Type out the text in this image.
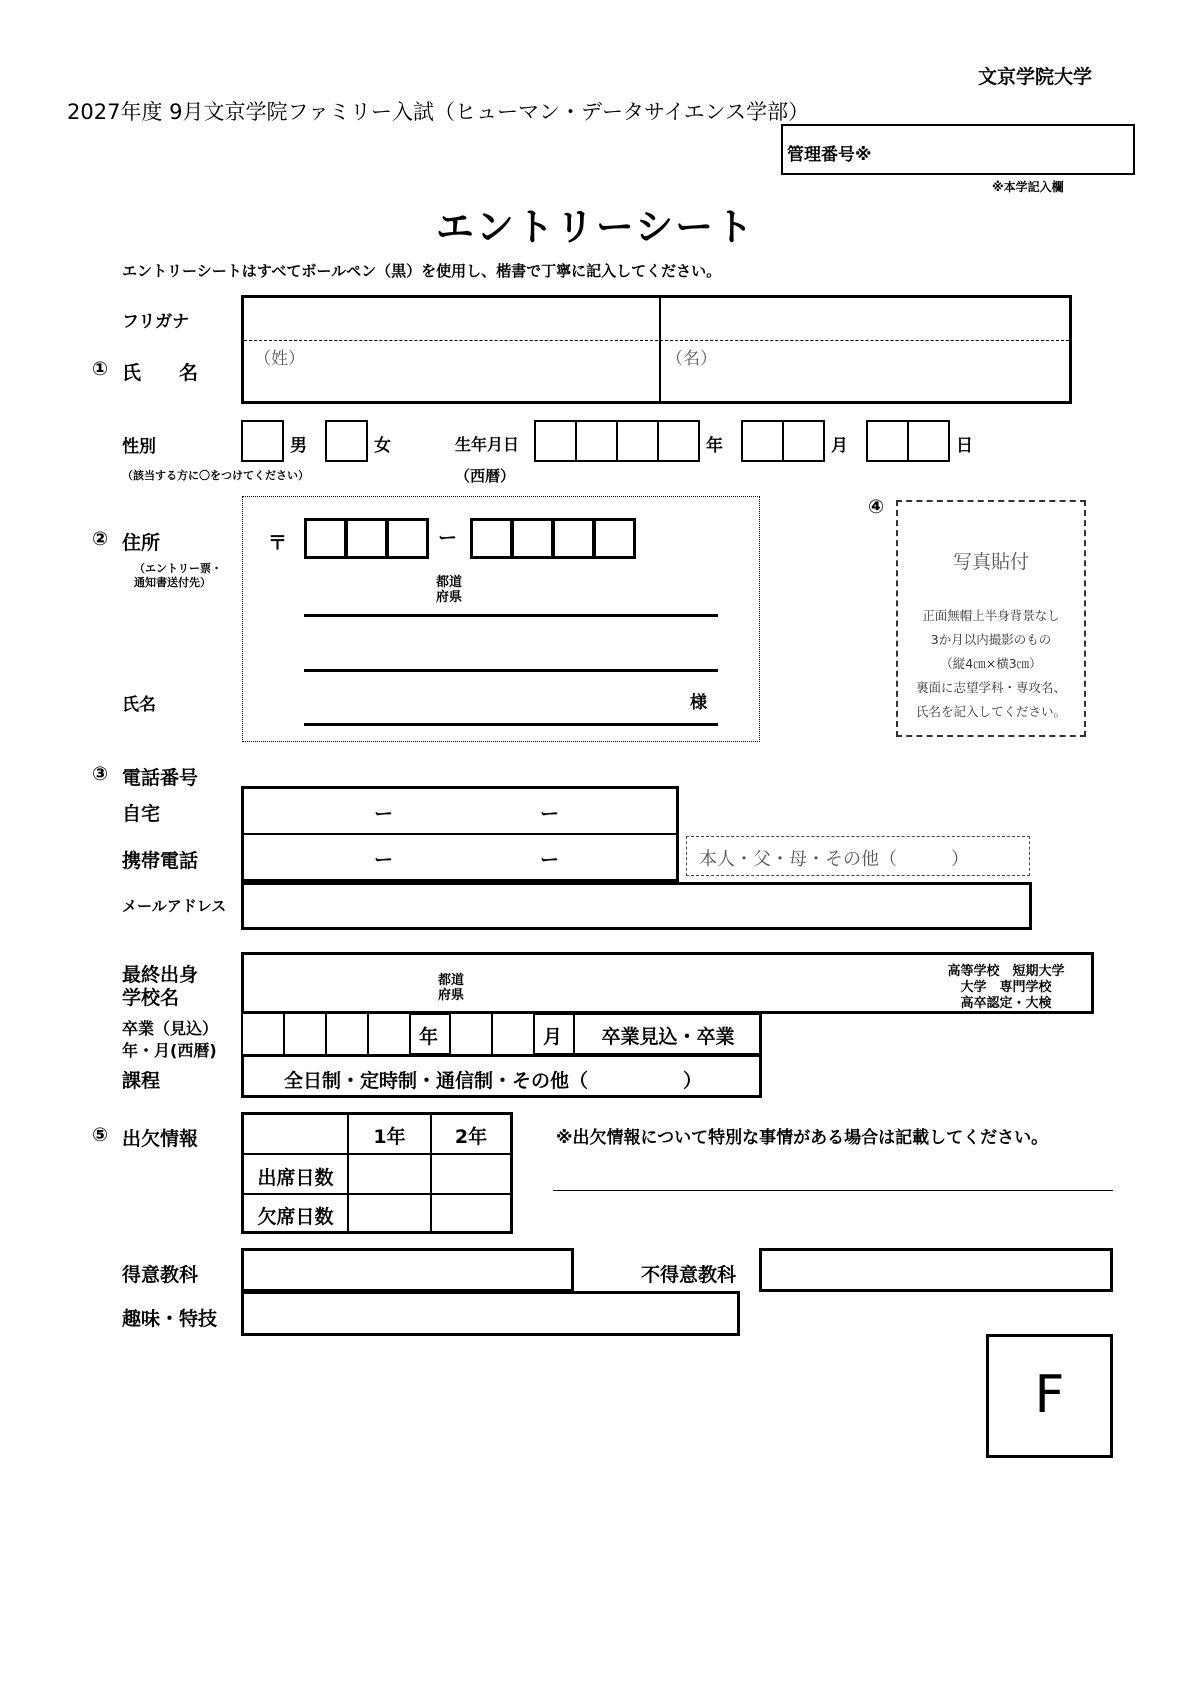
文京学院大学
2027年度 9月文京学院ファミリー入試（ヒューマン・データサイエンス学部）
管理番号※
※本学記入欄
エントリーシート
エントリーシートはすべてボールペン（黒）を使用し、楷書で丁寧に記入してください。
フリガナ
① 氏　　名
（姓）	（名）
性別	男	女
（該当する方に〇をつけてください）
生年月日
（西暦）
年	月	日
② 住所
（エントリー票・
通知書送付先）
氏名
〒	ー
都道
府県
様
④
写真貼付
正面無帽上半身背景なし
3か月以内撮影のもの
（縦4㎝×横3㎝）
裏面に志望学科・専攻名、
氏名を記入してください。
③ 電話番号
自宅
携帯電話
ー	ー
ー	ー	本人・父・母・その他（　　　）
メールアドレス
最終出身
学校名
都道
府県
高等学校　短期大学
大学　専門学校
高卒認定・大検
卒業（見込）
年・月(西暦)
年	月	卒業見込・卒業
課程	全日制・定時制・通信制・その他（　　　　　）
⑤ 出欠情報	1年	2年
出席日数
欠席日数
※出欠情報について特別な事情がある場合は記載してください。
得意教科	不得意教科
趣味・特技
F
